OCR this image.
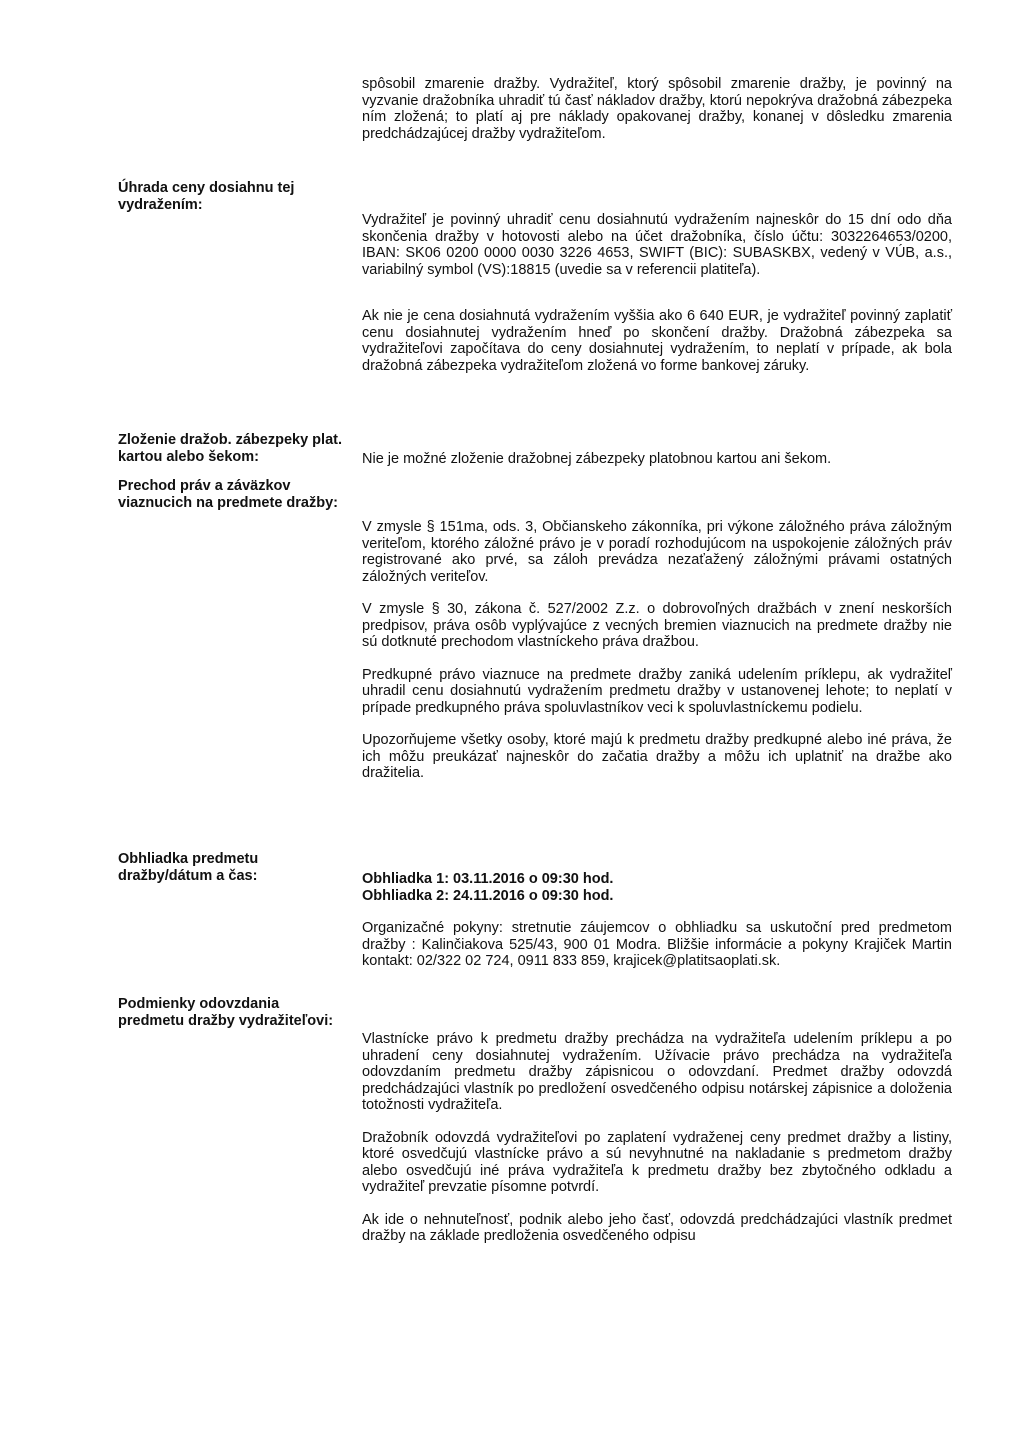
spôsobil zmarenie dražby. Vydražiteľ, ktorý spôsobil zmarenie dražby, je povinný na vyzvanie dražobníka uhradiť tú časť nákladov dražby, ktorú nepokrýva dražobná zábezpeka ním zložená; to platí aj pre náklady opakovanej dražby, konanej v dôsledku zmarenia predchádzajúcej dražby vydražiteľom.

Úhrada ceny dosiahnu tej vydražením:

Vydražiteľ je povinný uhradiť cenu dosiahnutú vydražením najneskôr do 15 dní odo dňa skončenia dražby v hotovosti alebo na účet dražobníka, číslo účtu: 3032264653/0200, IBAN: SK06 0200 0000 0030 3226 4653, SWIFT (BIC): SUBASKBX, vedený v VÚB, a.s., variabilný symbol (VS):18815 (uvedie sa v referencii platiteľa).

Ak nie je cena dosiahnutá vydražením vyššia ako 6 640 EUR, je vydražiteľ povinný zaplatiť cenu dosiahnutej vydražením hneď po skončení dražby. Dražobná zábezpeka sa vydražiteľovi započítava do ceny dosiahnutej vydražením, to neplatí v prípade, ak bola dražobná zábezpeka vydražiteľom zložená vo forme bankovej záruky.

Zloženie dražob. zábezpeky plat. kartou alebo šekom:	Nie je možné zloženie dražobnej zábezpeky platobnou kartou ani šekom.

Prechod práv a záväzkov viaznucich na predmete dražby:

V zmysle § 151ma, ods. 3, Občianskeho zákonníka, pri výkone záložného práva záložným veriteľom, ktorého záložné právo je v poradí rozhodujúcom na uspokojenie záložných práv registrované ako prvé, sa záloh prevádza nezaťažený záložnými právami ostatných záložných veriteľov.

V zmysle § 30, zákona č. 527/2002 Z.z. o dobrovoľných dražbách v znení neskorších predpisov, práva osôb vyplývajúce z vecných bremien viaznucich na predmete dražby nie sú dotknuté prechodom vlastníckeho práva dražbou.

Predkupné právo viaznuce na predmete dražby zaniká udelením príklepu, ak vydražiteľ uhradil cenu dosiahnutú vydražením predmetu dražby v ustanovenej lehote; to neplatí v prípade predkupného práva spoluvlastníkov veci k spoluvlastníckemu podielu.

Upozorňujeme všetky osoby, ktoré majú k predmetu dražby predkupné alebo iné práva, že ich môžu preukázať najneskôr do začatia dražby a môžu ich uplatniť na dražbe ako dražitelia.

Obhliadka predmetu dražby/dátum a čas:	Obhliadka 1: 03.11.2016 o 09:30 hod.
Obhliadka 2: 24.11.2016 o 09:30 hod.

Organizačné pokyny: stretnutie záujemcov o obhliadku sa uskutoční pred predmetom dražby : Kalinčiakova 525/43, 900 01 Modra. Bližšie informácie a pokyny Krajiček Martin kontakt: 02/322 02 724, 0911 833 859, krajicek@platitsaoplati.sk.

Podmienky odovzdania predmetu dražby vydražiteľovi:

Vlastnícke právo k predmetu dražby prechádza na vydražiteľa udelením príklepu a po uhradení ceny dosiahnutej vydražením. Užívacie právo prechádza na vydražiteľa odovzdaním predmetu dražby zápisnicou o odovzdaní. Predmet dražby odovzdá predchádzajúci vlastník po predložení osvedčeného odpisu notárskej zápisnice a doloženia totožnosti vydražiteľa.

Dražobník odovzdá vydražiteľovi po zaplatení vydraženej ceny predmet dražby a listiny, ktoré osvedčujú vlastnícke právo a sú nevyhnutné na nakladanie s predmetom dražby alebo osvedčujú iné práva vydražiteľa k predmetu dražby bez zbytočného odkladu a vydražiteľ prevzatie písomne potvrdí.

Ak ide o nehnuteľnosť, podnik alebo jeho časť, odovzdá predchádzajúci vlastník predmet dražby na základe predloženia osvedčeného odpisu
